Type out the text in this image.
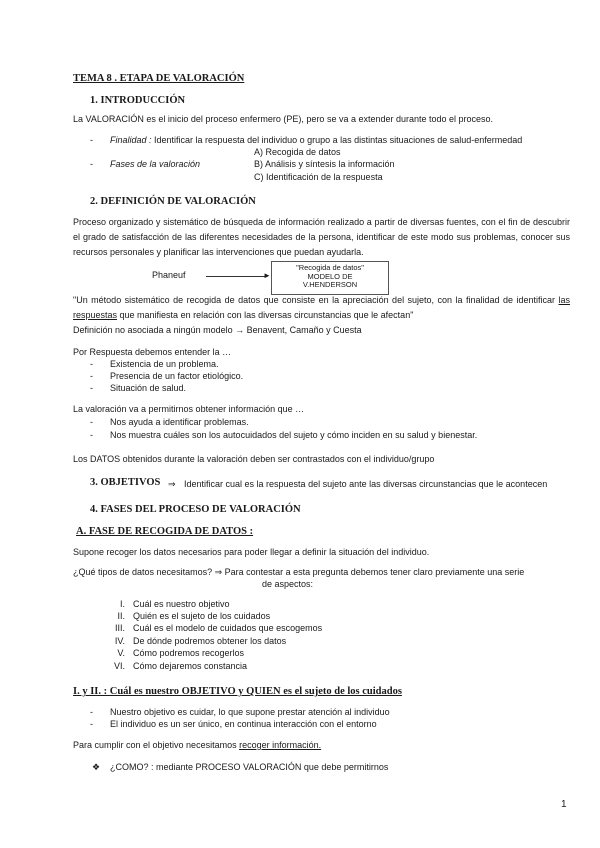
TEMA 8 . ETAPA DE VALORACIÓN
1. INTRODUCCIÓN
La VALORACIÓN es el inicio del proceso enfermero (PE), pero se va a extender durante todo el proceso.
- Finalidad : Identificar la respuesta del individuo o grupo a las distintas situaciones de salud-enfermedad
A) Recogida de datos
- Fases de la valoración	B) Análisis y síntesis la información
C) Identificación de la respuesta
2. DEFINICIÓN DE VALORACIÓN
Proceso organizado y sistemático de búsqueda de información realizado a partir de diversas fuentes, con el fin de descubrir el grado de satisfacción de las diferentes necesidades de la persona, identificar de este modo sus problemas, conocer sus recursos personales y planificar las intervenciones que puedan ayudarla.
Phaneuf	►
"Recogida de datos"
MODELO DE
V.HENDERSON
"Un método sistemático de recogida de datos que consiste en la apreciación del sujeto, con la finalidad de identificar las respuestas que manifiesta en relación con las diversas circunstancias que le afectan"
Definición no asociada a ningún modelo → Benavent, Camaño y Cuesta
Por Respuesta debemos entender la …
- Existencia de un problema.
- Presencia de un factor etiológico.
- Situación de salud.
La valoración va a permitirnos obtener información que …
- Nos ayuda a identificar problemas.
- Nos muestra cuáles son los autocuidados del sujeto y cómo inciden en su salud y bienestar.
Los DATOS obtenidos durante la valoración deben ser contrastados con el individuo/grupo
3. OBJETIVOS ⇒ Identificar cual es la respuesta del sujeto ante las diversas circunstancias que le acontecen
4. FASES DEL PROCESO DE VALORACIÓN
A. FASE DE RECOGIDA DE DATOS :
Supone recoger los datos necesarios para poder llegar a definir la situación del individuo.
¿Qué tipos de datos necesitamos? ⇒ Para contestar a esta pregunta debemos tener claro previamente una serie
de aspectos:
I. Cuál es nuestro objetivo
II. Quién es el sujeto de los cuidados
III. Cuál es el modelo de cuidados que escogemos
IV. De dónde podremos obtener los datos
V. Cómo podremos recogerlos
VI. Cómo dejaremos constancia
I. y II. : Cuál es nuestro OBJETIVO y QUIEN es el sujeto de los cuidados
- Nuestro objetivo es cuidar, lo que supone prestar atención al individuo
- El individuo es un ser único, en continua interacción con el entorno
Para cumplir con el objetivo necesitamos recoger información.
❖ ¿COMO? : mediante PROCESO VALORACIÓN que debe permitirnos
1
